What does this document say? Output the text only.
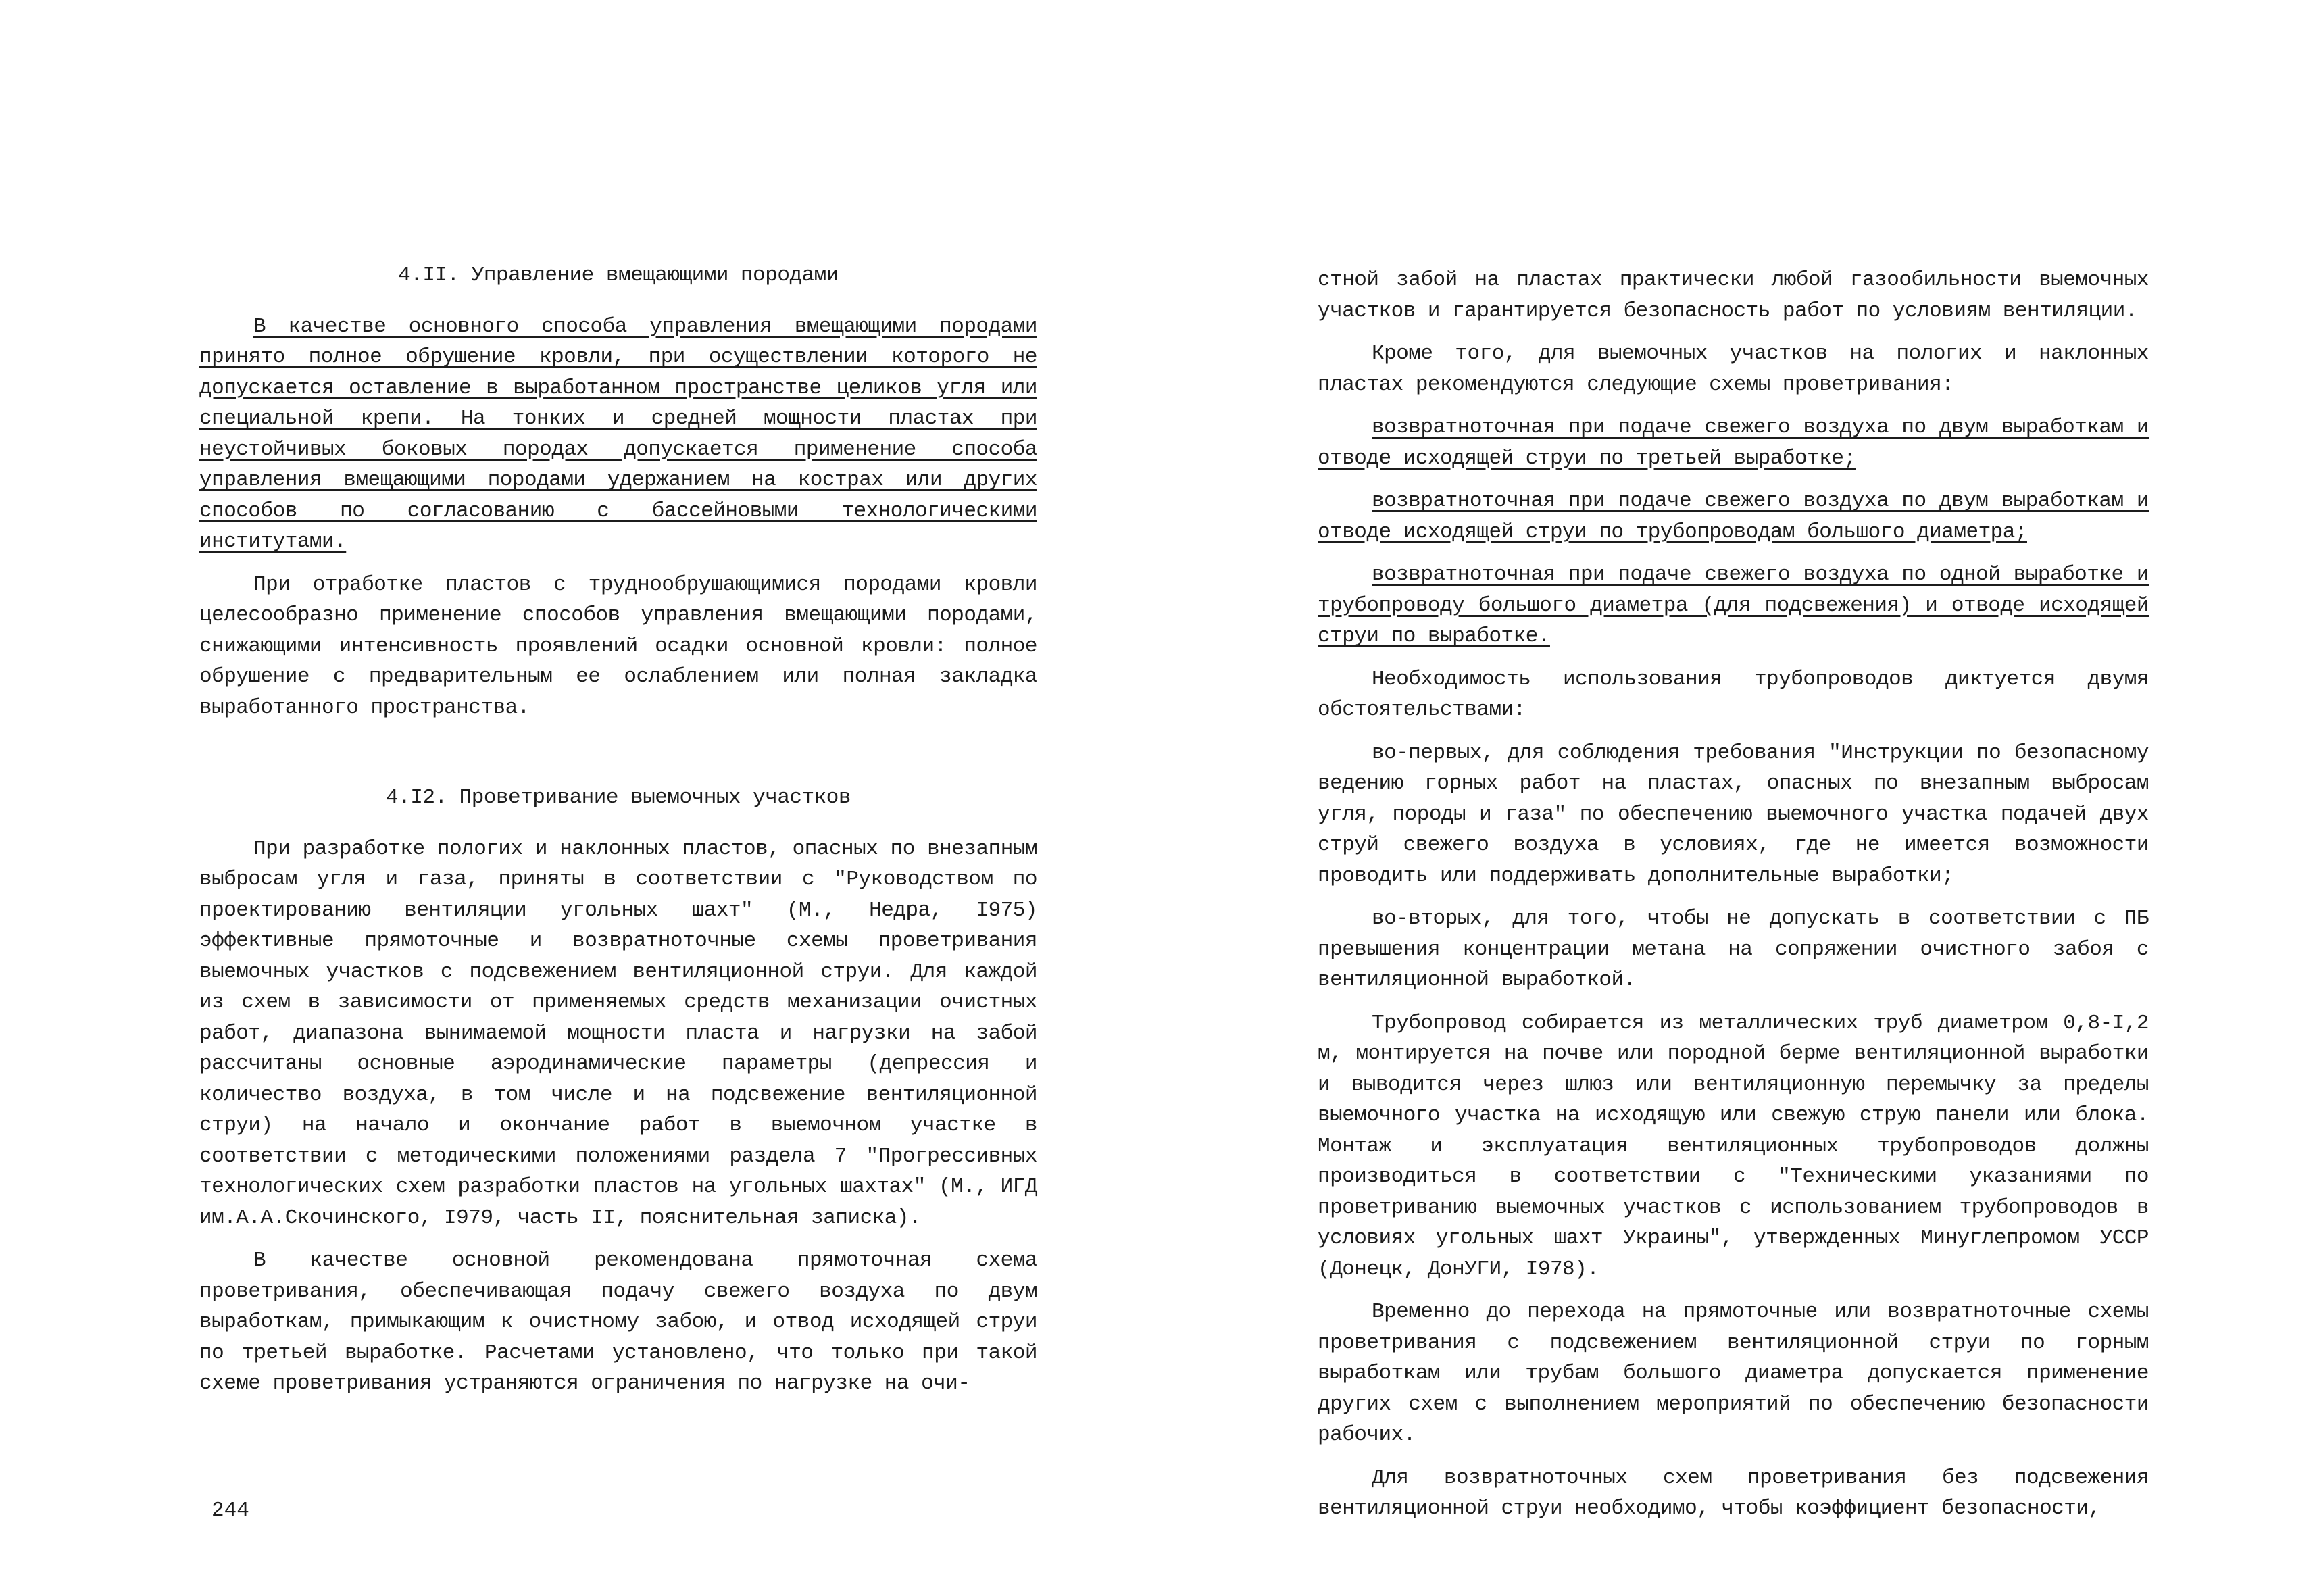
4.II. Управление вмещающими породами

В качестве основного способа управления вмещающими породами принято полное обрушение кровли, при осуществлении которого не допускается оставление в выработанном пространстве целиков угля или специальной крепи. На тонких и средней мощности пластах при неустойчивых боковых породах допускается применение способа управления вмещающими породами удержанием на кострах или других способов по согласованию с бассейновыми технологическими институтами.

При отработке пластов с труднообрушающимися породами кровли целесообразно применение способов управления вмещающими породами, снижающими интенсивность проявлений осадки основной кровли: полное обрушение с предварительным ее ослаблением или полная закладка выработанного пространства.

4.I2. Проветривание выемочных участков

При разработке пологих и наклонных пластов, опасных по внезапным выбросам угля и газа, приняты в соответствии с "Руководством по проектированию вентиляции угольных шахт" (М., Недра, I975) эффективные прямоточные и возвратноточные схемы проветривания выемочных участков с подсвежением вентиляционной струи. Для каждой из схем в зависимости от применяемых средств механизации очистных работ, диапазона вынимаемой мощности пласта и нагрузки на забой рассчитаны основные аэродинамические параметры (депрессия и количество воздуха, в том числе и на подсвежение вентиляционной струи) на начало и окончание работ в выемочном участке в соответствии с методическими положениями раздела 7 "Прогрессивных технологических схем разработки пластов на угольных шахтах" (М., ИГД им.А.А.Скочинского, I979, часть II, пояснительная записка).

В качестве основной рекомендована прямоточная схема проветривания, обеспечивающая подачу свежего воздуха по двум выработкам, примыкающим к очистному забою, и отвод исходящей струи по третьей выработке. Расчетами установлено, что только при такой схеме проветривания устраняются ограничения по нагрузке на очи-

244

стной забой на пластах практически любой газообильности выемочных участков и гарантируется безопасность работ по условиям вентиляции.

Кроме того, для выемочных участков на пологих и наклонных пластах рекомендуются следующие схемы проветривания:

возвратноточная при подаче свежего воздуха по двум выработкам и отводе исходящей струи по третьей выработке;

возвратноточная при подаче свежего воздуха по двум выработкам и отводе исходящей струи по трубопроводам большого диаметра;

возвратноточная при подаче свежего воздуха по одной выработке и трубопроводу большого диаметра (для подсвежения) и отводе исходящей струи по выработке.

Необходимость использования трубопроводов диктуется двумя обстоятельствами:

во-первых, для соблюдения требования "Инструкции по безопасному ведению горных работ на пластах, опасных по внезапным выбросам угля, породы и газа" по обеспечению выемочного участка подачей двух струй свежего воздуха в условиях, где не имеется возможности проводить или поддерживать дополнительные выработки;

во-вторых, для того, чтобы не допускать в соответствии с ПБ превышения концентрации метана на сопряжении очистного забоя с вентиляционной выработкой.

Трубопровод собирается из металлических труб диаметром 0,8-I,2 м, монтируется на почве или породной берме вентиляционной выработки и выводится через шлюз или вентиляционную перемычку за пределы выемочного участка на исходящую или свежую струю панели или блока. Монтаж и эксплуатация вентиляционных трубопроводов должны производиться в соответствии с "Техническими указаниями по проветриванию выемочных участков с использованием трубопроводов в условиях угольных шахт Украины", утвержденных Минуглепромом УССР (Донецк, ДонУГИ, I978).

Временно до перехода на прямоточные или возвратноточные схемы проветривания с подсвежением вентиляционной струи по горным выработкам или трубам большого диаметра допускается применение других схем с выполнением мероприятий по обеспечению безопасности рабочих.

Для возвратноточных схем проветривания без подсвежения вентиляционной струи необходимо, чтобы коэффициент безопасности,
